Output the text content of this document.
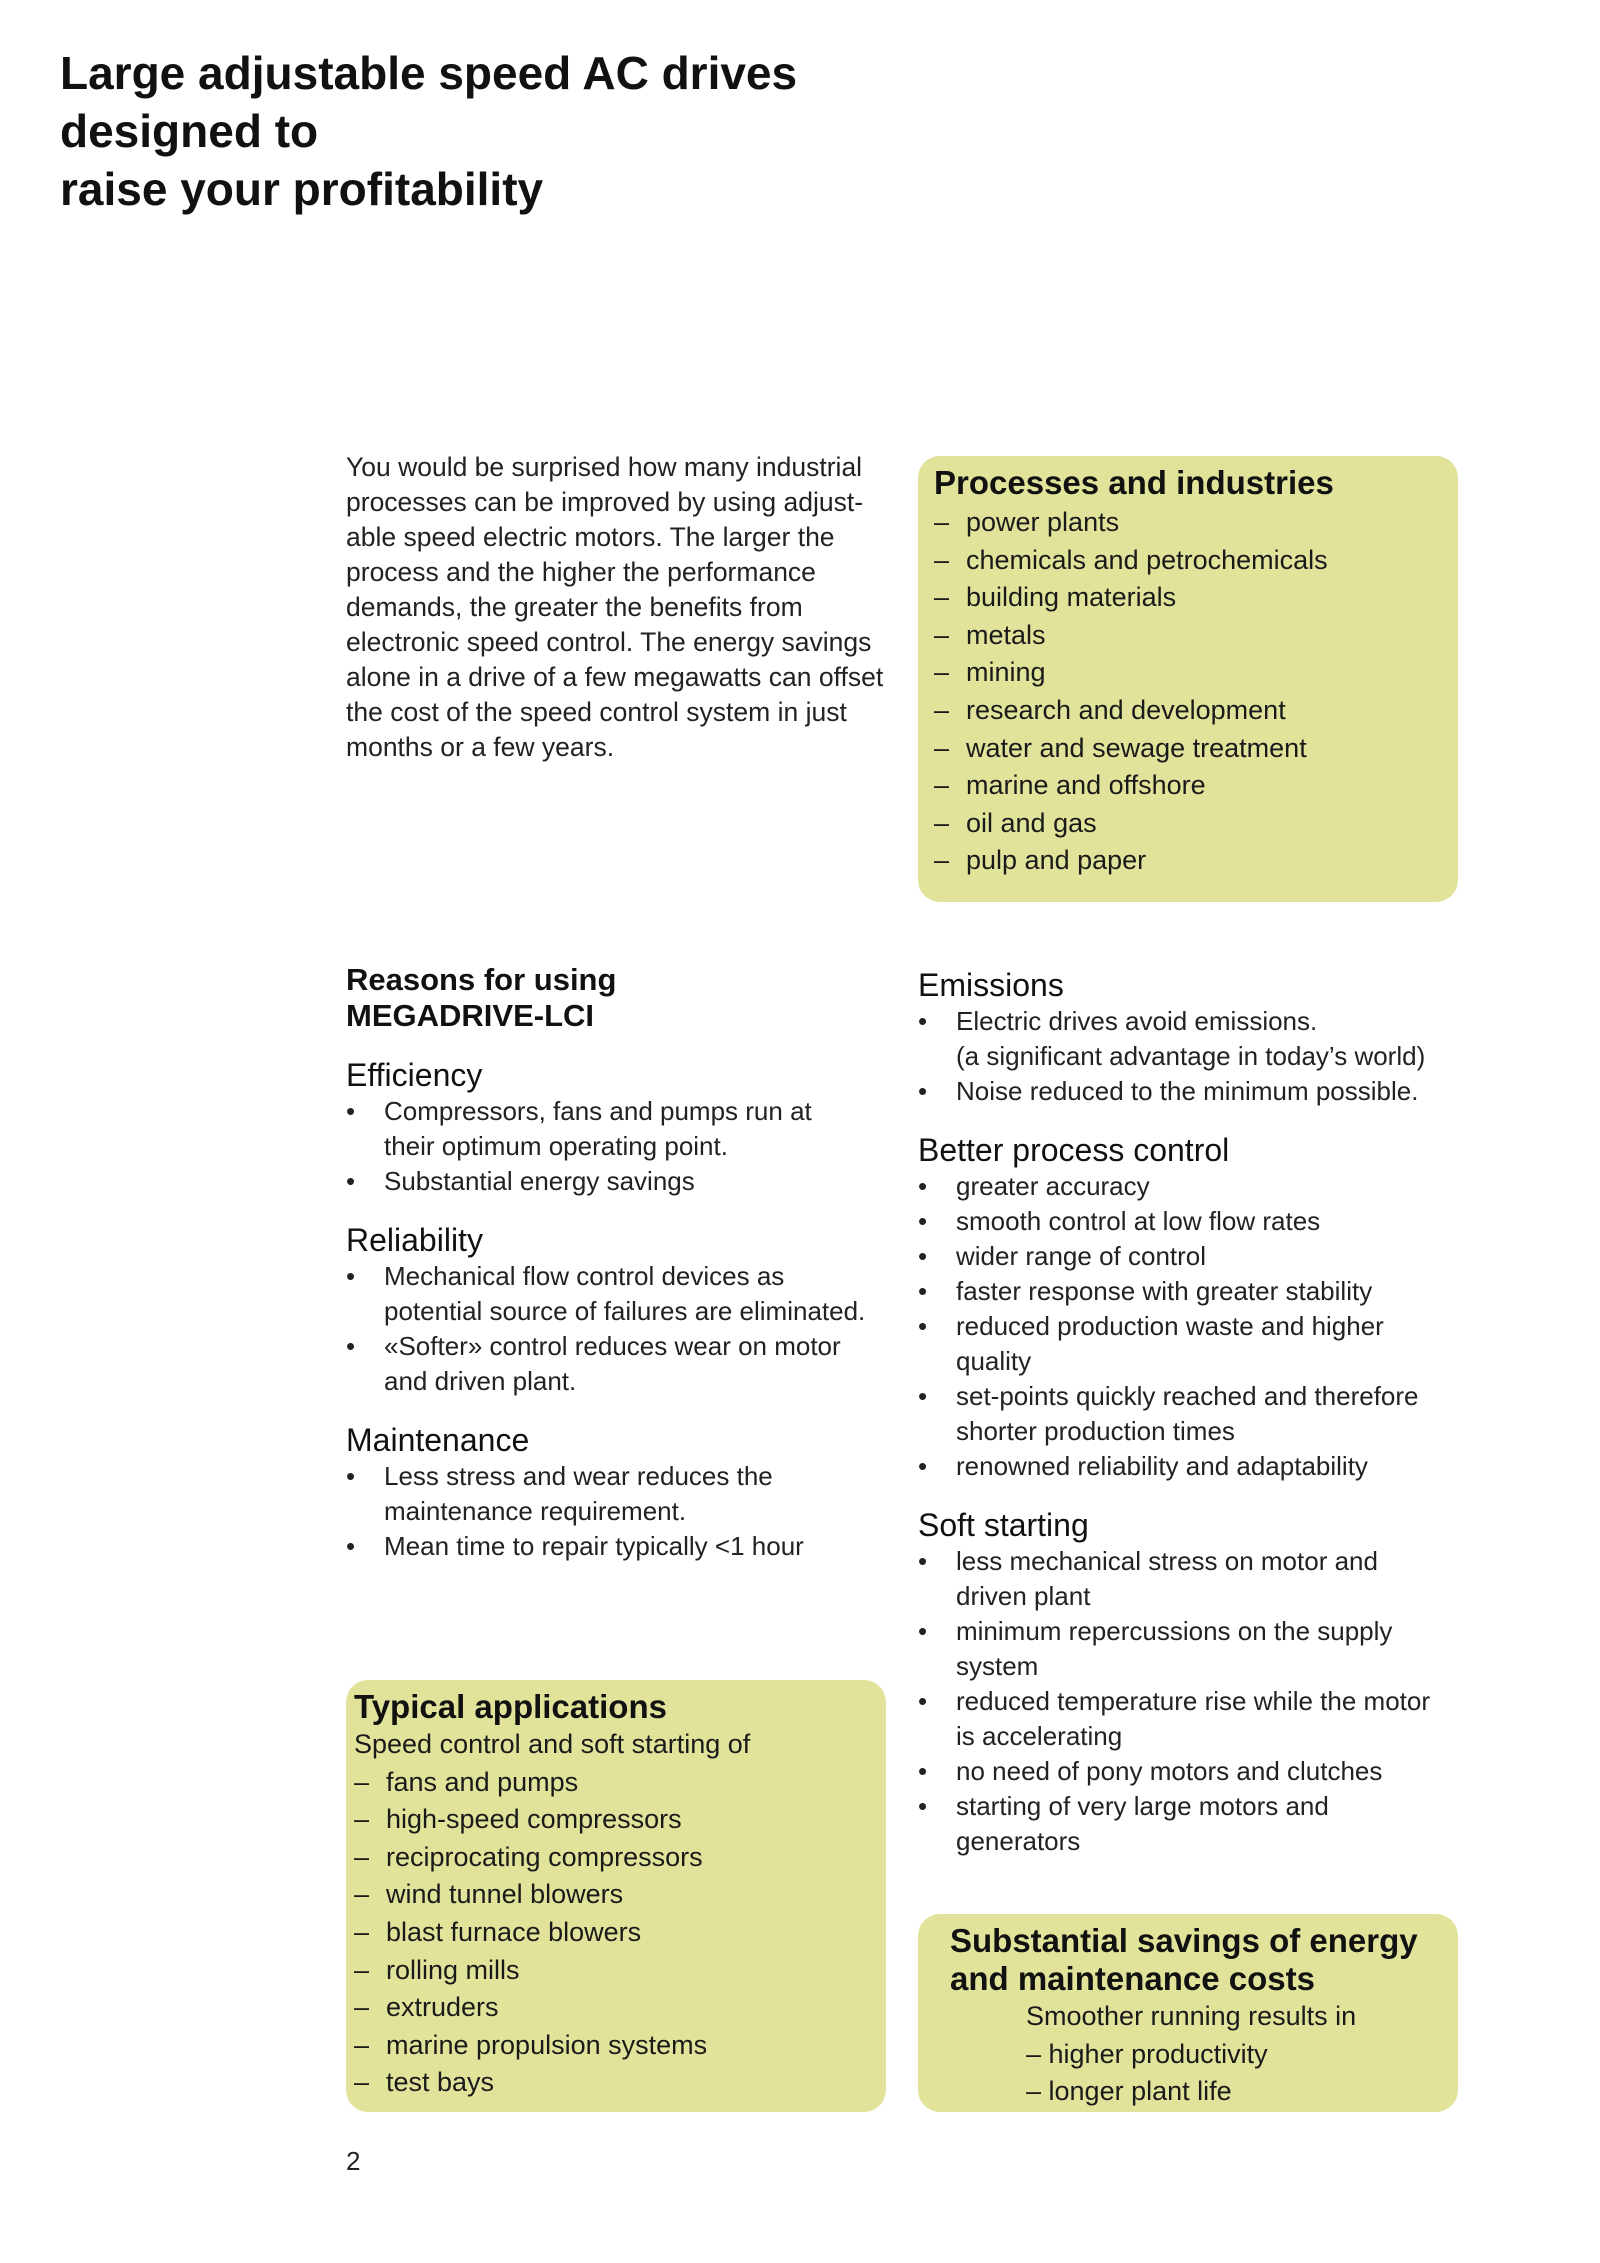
Large adjustable speed AC drives
designed to
raise your profitability
You would be surprised how many industrial
processes can be improved by using adjust-
able speed electric motors. The larger the
process and the higher the performance
demands, the greater the benefits from
electronic speed control. The energy savings
alone in a drive of a few megawatts can offset
the cost of the speed control system in just
months or a few years.
Processes and industries
– power plants
– chemicals and petrochemicals
– building materials
– metals
– mining
– research and development
– water and sewage treatment
– marine and offshore
– oil and gas
– pulp and paper
Reasons for using
MEGADRIVE-LCI
Efficiency
•	Compressors, fans and pumps run at
their optimum operating point.
•	Substantial energy savings
Reliability
•	Mechanical flow control devices as
potential source of failures are eliminated.
•	«Softer» control reduces wear on motor
and driven plant.
Maintenance
•	Less stress and wear reduces the
maintenance requirement.
•	Mean time to repair typically <1 hour
Emissions
•	Electric drives avoid emissions.
(a significant advantage in today’s world)
•	Noise reduced to the minimum possible.
Better process control
•	greater accuracy
•	smooth control at low flow rates
•	wider range of control
•	faster response with greater stability
•	reduced production waste and higher
quality
•	set-points quickly reached and therefore
shorter production times
•	renowned reliability and adaptability
Soft starting
•	less mechanical stress on motor and
driven plant
•	minimum repercussions on the supply
system
•	reduced temperature rise while the motor
is accelerating
•	no need of pony motors and clutches
•	starting of very large motors and
generators
Typical applications
Speed control and soft starting of
– fans and pumps
– high-speed compressors
– reciprocating compressors
– wind tunnel blowers
– blast furnace blowers
– rolling mills
– extruders
– marine propulsion systems
– test bays
Substantial savings of energy
and maintenance costs
Smoother running results in
– higher productivity
– longer plant life
2
